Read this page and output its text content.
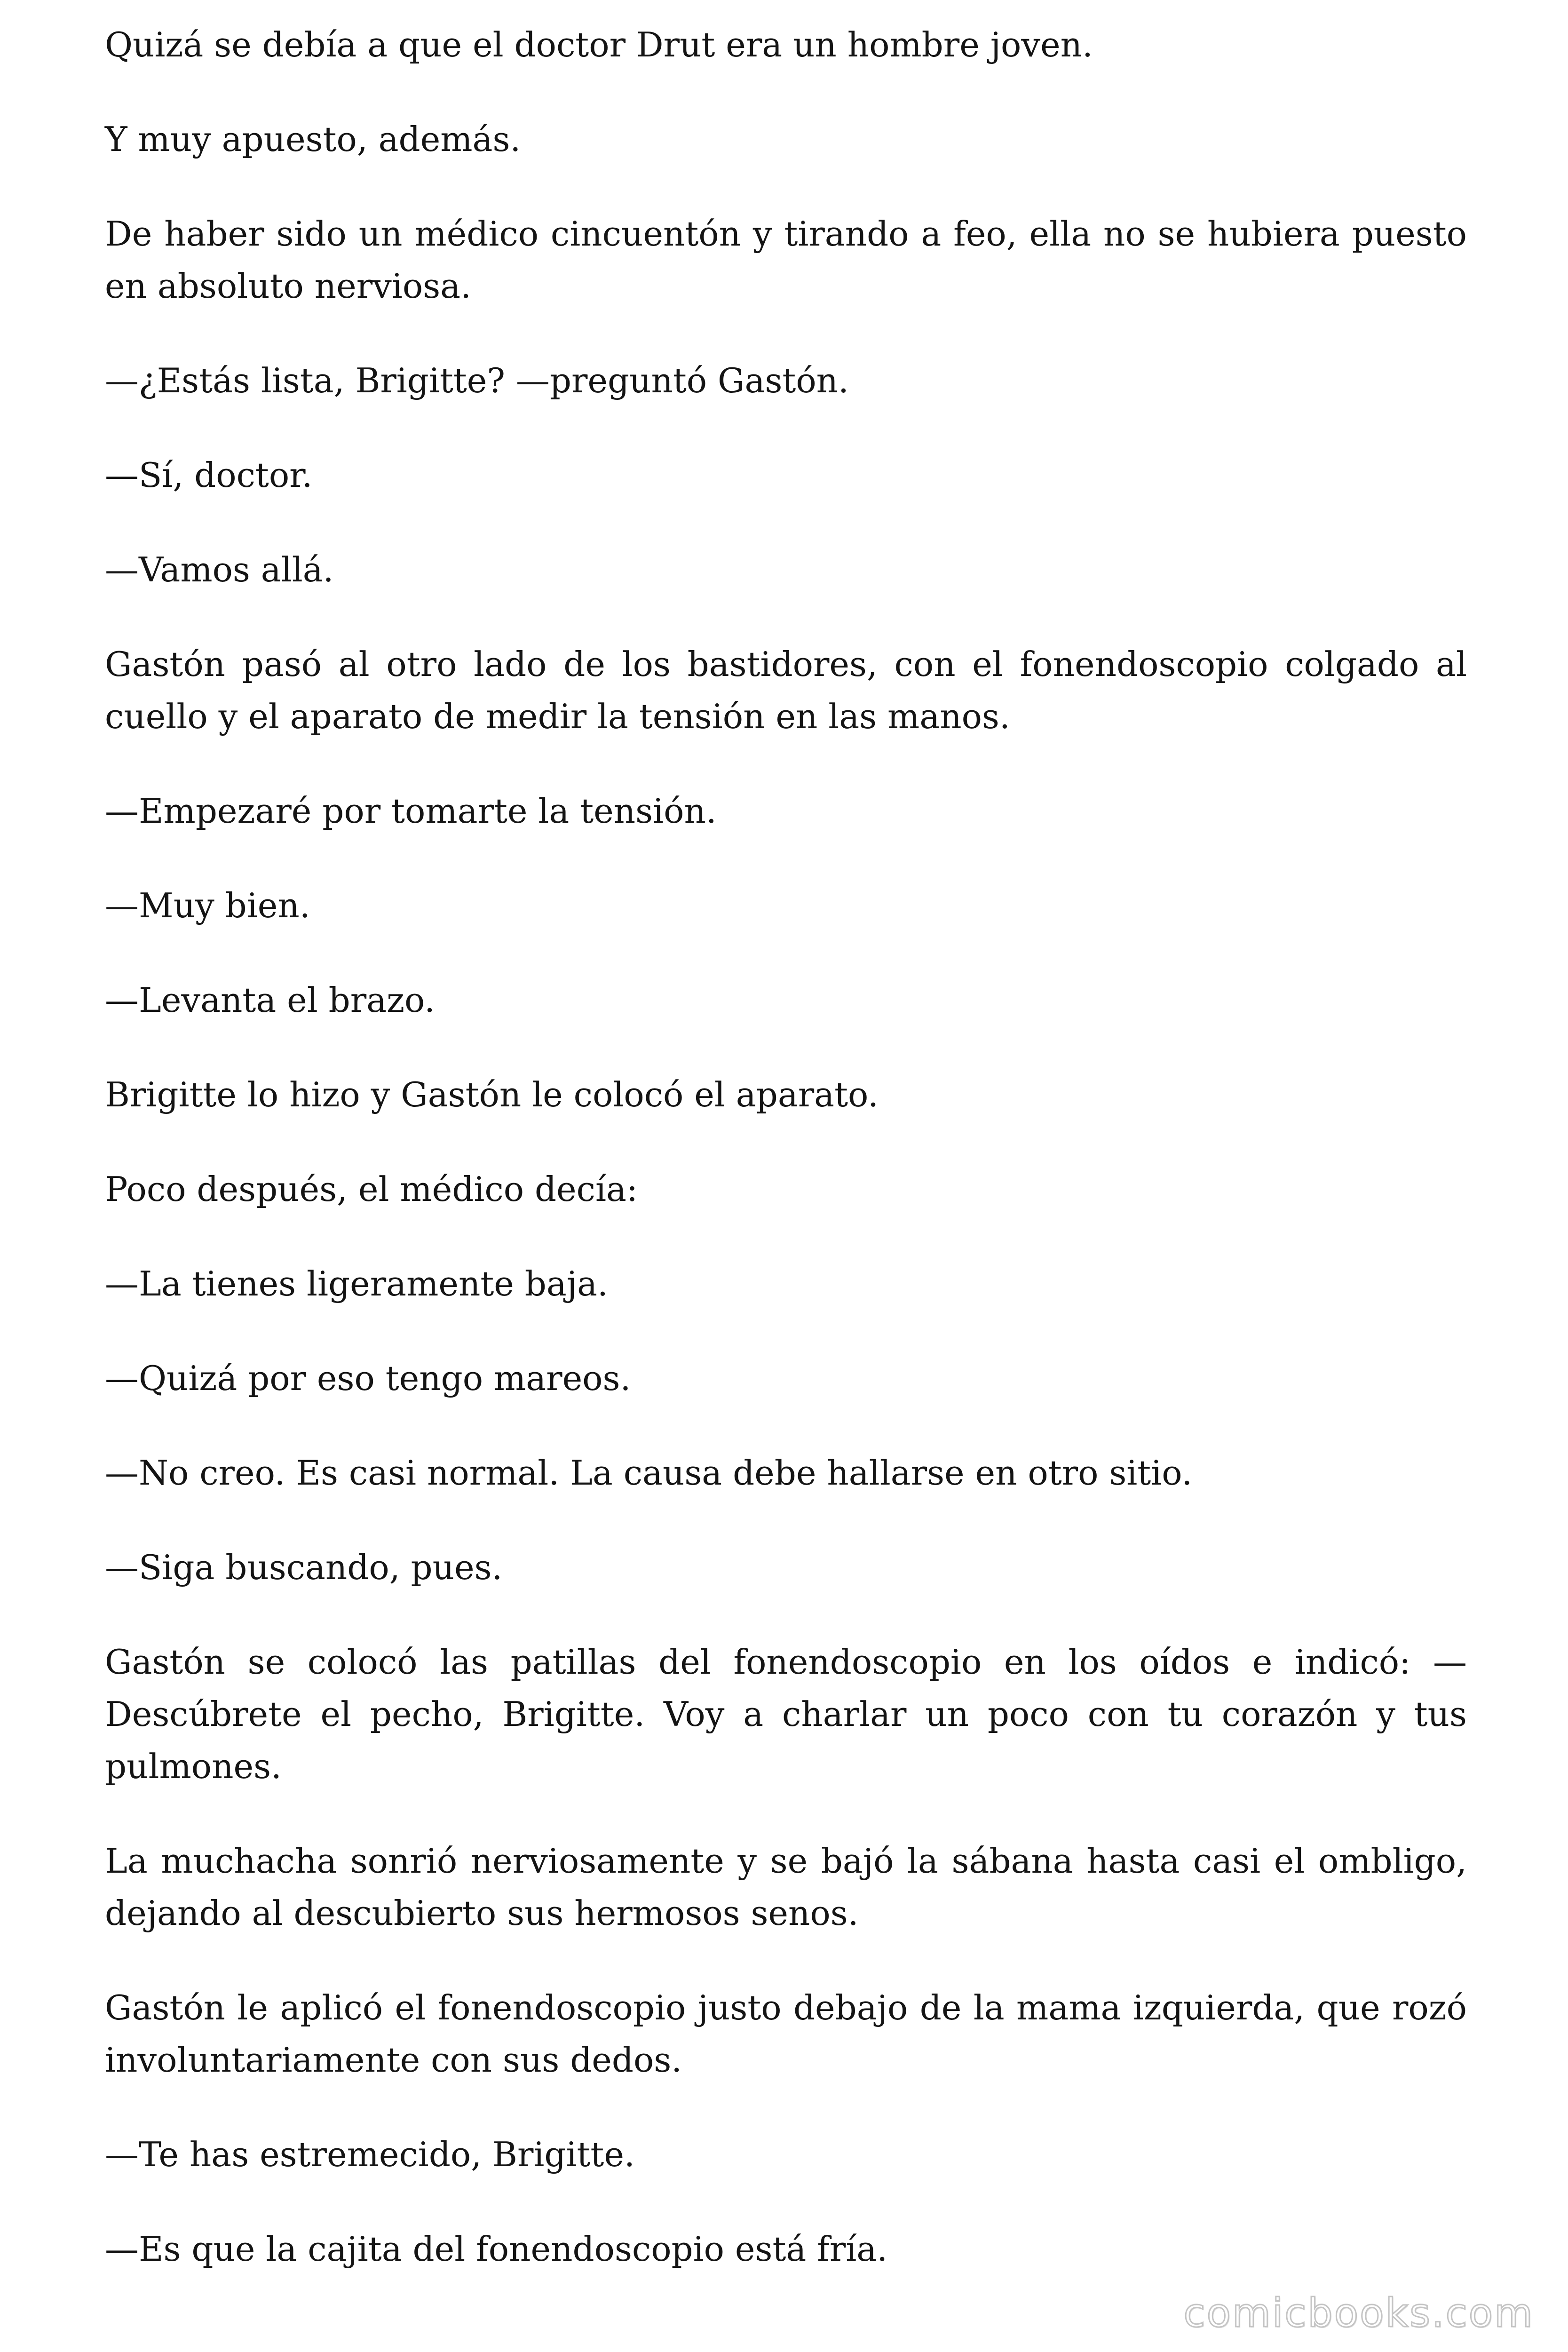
Quizá se debía a que el doctor Drut era un hombre joven.

Y muy apuesto, además.

De haber sido un médico cincuentón y tirando a feo, ella no se hubiera puesto en absoluto nerviosa.

—¿Estás lista, Brigitte? —preguntó Gastón.

—Sí, doctor.

—Vamos allá.

Gastón pasó al otro lado de los bastidores, con el fonendoscopio colgado al cuello y el aparato de medir la tensión en las manos.

—Empezaré por tomarte la tensión.

—Muy bien.

—Levanta el brazo.

Brigitte lo hizo y Gastón le colocó el aparato.

Poco después, el médico decía:

—La tienes ligeramente baja.

—Quizá por eso tengo mareos.

—No creo. Es casi normal. La causa debe hallarse en otro sitio.

—Siga buscando, pues.

Gastón se colocó las patillas del fonendoscopio en los oídos e indicó: —Descúbrete el pecho, Brigitte. Voy a charlar un poco con tu corazón y tus pulmones.

La muchacha sonrió nerviosamente y se bajó la sábana hasta casi el ombligo, dejando al descubierto sus hermosos senos.

Gastón le aplicó el fonendoscopio justo debajo de la mama izquierda, que rozó involuntariamente con sus dedos.

—Te has estremecido, Brigitte.

—Es que la cajita del fonendoscopio está fría.

comicbooks.com
